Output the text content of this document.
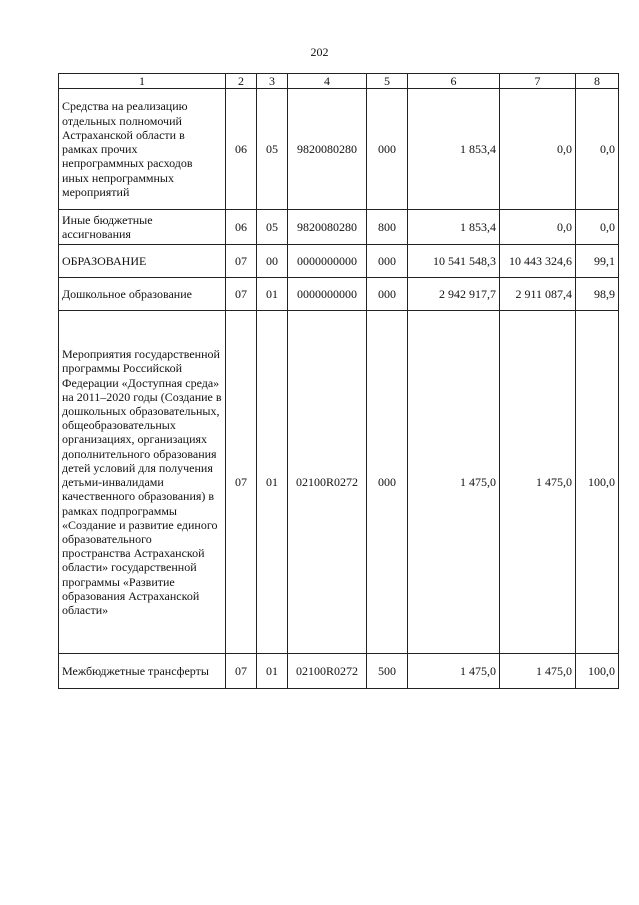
202
1	2	3	4	5	6	7	8
Средства на реализацию отдельных полномочий Астраханской области в рамках прочих непрограммных расходов иных непрограммных мероприятий	06	05	9820080280	000	1 853,4	0,0	0,0
Иные бюджетные ассигнования	06	05	9820080280	800	1 853,4	0,0	0,0
ОБРАЗОВАНИЕ	07	00	0000000000	000	10 541 548,3	10 443 324,6	99,1
Дошкольное образование	07	01	0000000000	000	2 942 917,7	2 911 087,4	98,9
Мероприятия государственной программы Российской Федерации «Доступная среда» на 2011–2020 годы (Создание в дошкольных образовательных, общеобразовательных организациях, организациях дополнительного образования детей условий для получения детьми-инвалидами качественного образования) в рамках подпрограммы «Создание и развитие единого образовательного пространства Астраханской области» государственной программы «Развитие образования Астраханской области»	07	01	02100R0272	000	1 475,0	1 475,0	100,0
Межбюджетные трансферты	07	01	02100R0272	500	1 475,0	1 475,0	100,0
